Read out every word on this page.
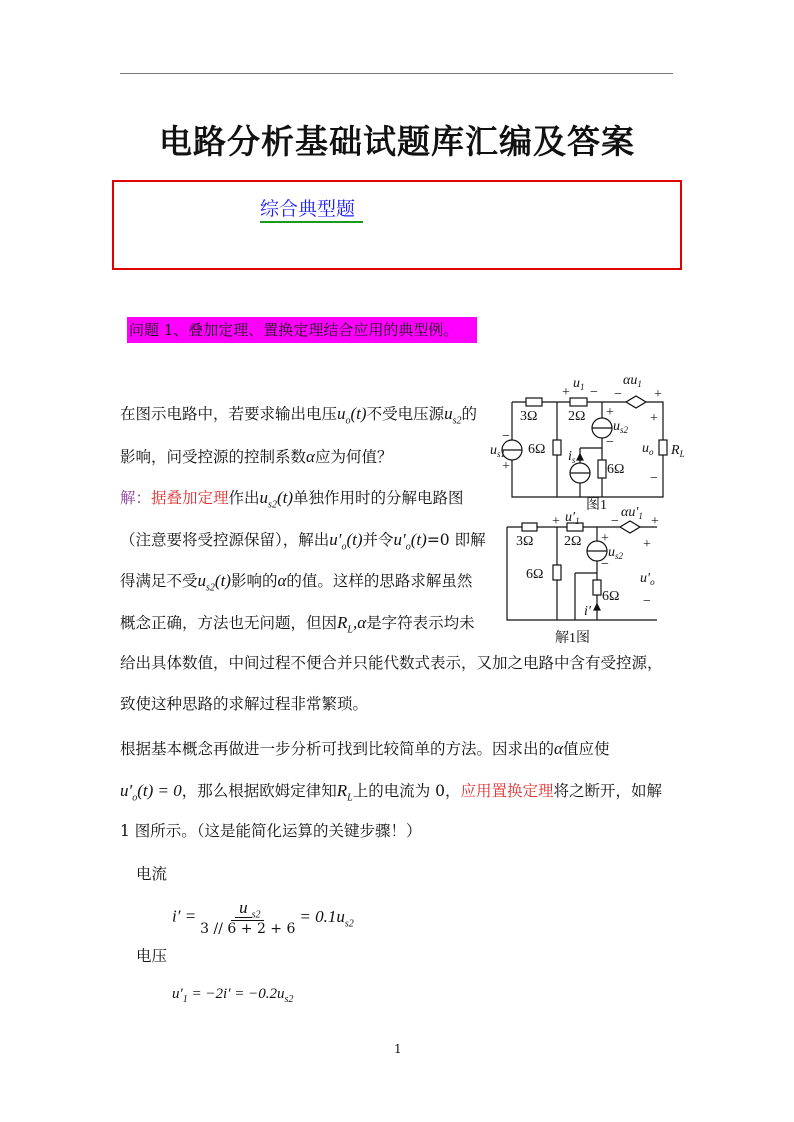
电路分析基础试题库汇编及答案
综合典型题
问题 1、叠加定理、置换定理结合应用的典型例。
在图示电路中，若要求输出电压$u_o(t)$不受电压源$u_{s2}$的
影响，问受控源的控制系数α应为何值？
解：据叠加定理作出$u_{s2}(t)$单独作用时的分解电路图
（注意要将受控源保留），解出$u'_o(t)$并令$u'_o(t)=0$ 即解
得满足不受$u_{s2}(t)$影响的α的值。这样的思路求解虽然
概念正确，方法也无问题，但因$R_L,\alpha$是字符表示均未
给出具体数值，中间过程不便合并只能代数式表示，又加之电路中含有受控源，
致使这种思路的求解过程非常繁琐。
根据基本概念再做进一步分析可找到比较简单的方法。因求出的α值应使
$u'_o(t) = 0$，那么根据欧姆定律知$R_L$上的电流为 0，应用置换定理将之断开，如解
1 图所示。（这是能简化运算的关键步骤！）
电流
$i' = \frac{u _{s2}}{3 // 6 + 2 + 6} = 0.1u_{s2}$
电压
$u'_1 = -2i' = -0.2u_{s2}$
1
3Ω 2Ω
6Ω
6Ω
$u_{s1}$
$u_{s2}$
$i_s$
$u_1$	$\alpha u_1$
$u_o$ $R_L$
+ − − +
+
−
+
−
−
+
图1
3Ω 2Ω
6Ω
6Ω
$u_{s2}$
i′
$u'_1$
$\alpha u'_1$
$u'_o$
+	− +
+
−
+
−
解1图
